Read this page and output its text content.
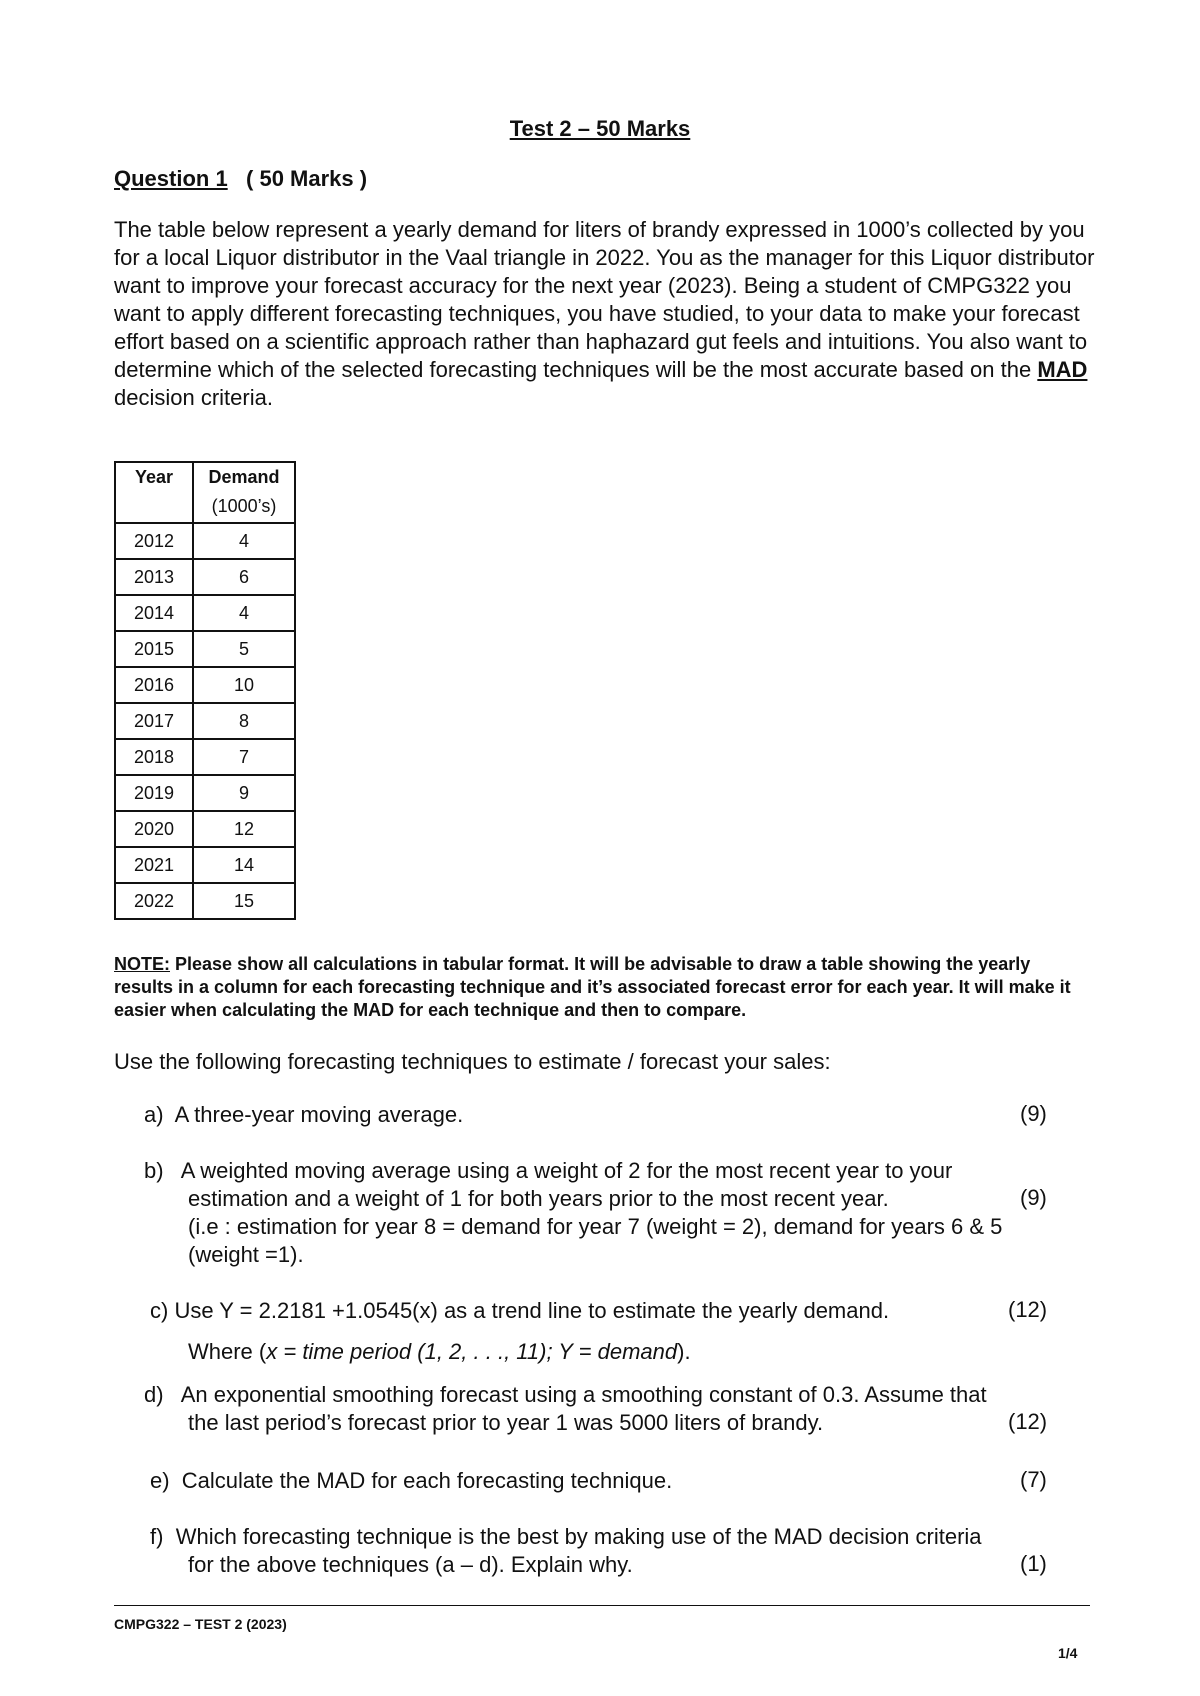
Test 2 – 50 Marks
Question 1 ( 50 Marks )
The table below represent a yearly demand for liters of brandy expressed in 1000’s collected by you for a local Liquor distributor in the Vaal triangle in 2022. You as the manager for this Liquor distributor want to improve your forecast accuracy for the next year (2023). Being a student of CMPG322 you want to apply different forecasting techniques, you have studied, to your data to make your forecast effort based on a scientific approach rather than haphazard gut feels and intuitions. You also want to determine which of the selected forecasting techniques will be the most accurate based on the MAD decision criteria.
Year	Demand
(1000’s)

2012	4
2013	6
2014	4
2015	5
2016	10
2017	8
2018	7
2019	9
2020	12
2021	14
2022	15
NOTE: Please show all calculations in tabular format. It will be advisable to draw a table showing the yearly results in a column for each forecasting technique and it’s associated forecast error for each year. It will make it easier when calculating the MAD for each technique and then to compare.
Use the following forecasting techniques to estimate / forecast your sales:
a) A three-year moving average.	(9)
b) A weighted moving average using a weight of 2 for the most recent year to your
estimation and a weight of 1 for both years prior to the most recent year.	(9)
(i.e : estimation for year 8 = demand for year 7 (weight = 2), demand for years 6 & 5
(weight =1).
c) Use Y = 2.2181 +1.0545(x) as a trend line to estimate the yearly demand.	(12)
Where (x = time period (1, 2, . . ., 11); Y = demand).
d) An exponential smoothing forecast using a smoothing constant of 0.3. Assume that
the last period’s forecast prior to year 1 was 5000 liters of brandy.	(12)
e) Calculate the MAD for each forecasting technique.	(7)
f) Which forecasting technique is the best by making use of the MAD decision criteria
for the above techniques (a – d). Explain why.	(1)
CMPG322 – TEST 2 (2023)
1/4
